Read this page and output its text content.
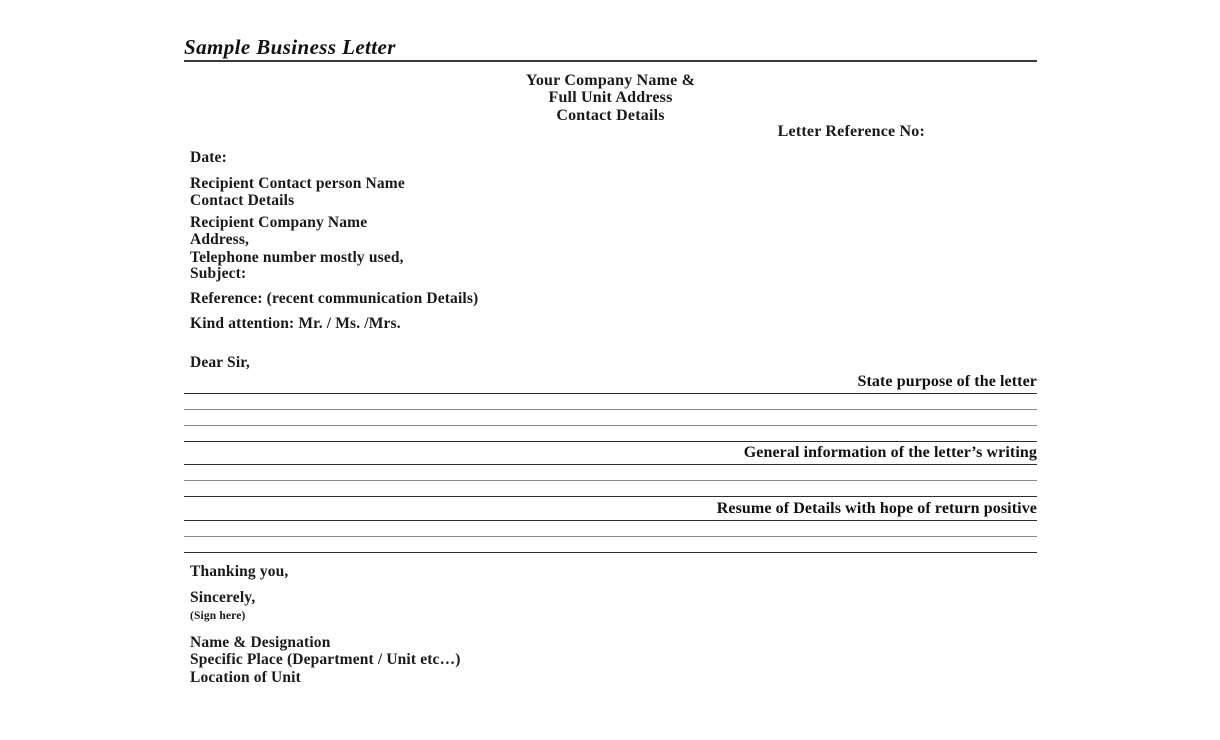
Sample Business Letter
Your Company Name &
Full Unit Address
Contact Details
Letter Reference No:
Date:
Recipient Contact person Name
Contact Details
Recipient Company Name
Address,
Telephone number mostly used,
Subject:
Reference: (recent communication Details)
Kind attention: Mr. / Ms. /Mrs.
Dear Sir,
State purpose of the letter
General information of the letter’s writing
Resume of Details with hope of return positive
Thanking you,
Sincerely,
(Sign here)
Name & Designation
Specific Place (Department / Unit etc…)
Location of Unit
